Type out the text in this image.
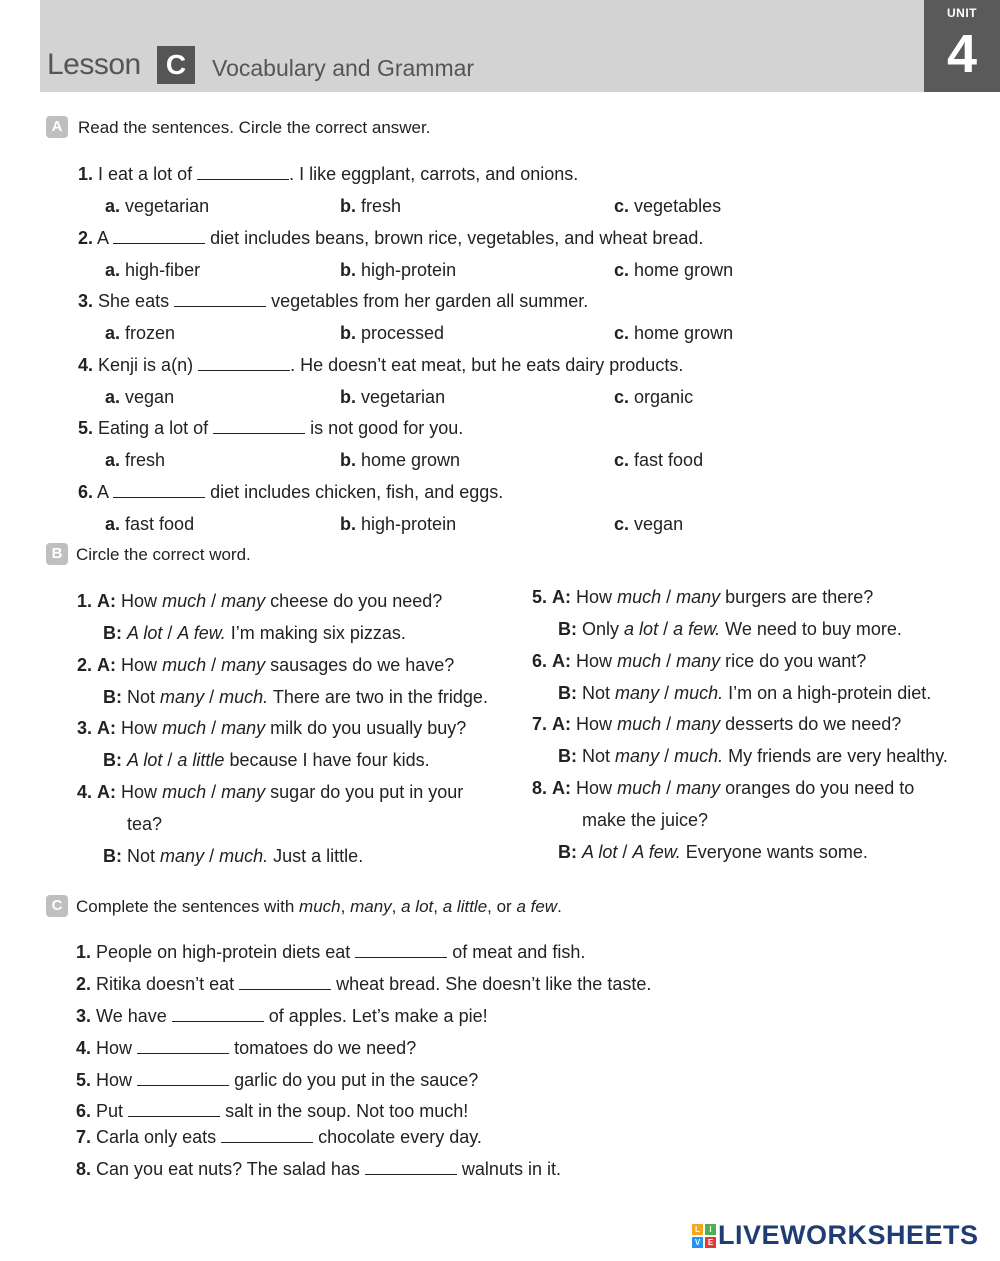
Lesson C	Vocabulary and Grammar
UNIT
4
A Read the sentences. Circle the correct answer.
1. I eat a lot of	. I like eggplant, carrots, and onions.
a. vegetarian	b. fresh	c. vegetables
2. A	diet includes beans, brown rice, vegetables, and wheat bread.
a. high-fiber	b. high-protein	c. home grown
3. She eats	vegetables from her garden all summer.
a. frozen	b. processed	c. home grown
4. Kenji is a(n)	. He doesn’t eat meat, but he eats dairy products.
a. vegan	b. vegetarian	c. organic
5. Eating a lot of	is not good for you.
a. fresh	b. home grown	c. fast food
6. A	diet includes chicken, fish, and eggs.
a. fast food	b. high-protein	c. vegan
B Circle the correct word.
1. A: How much / many cheese do you need?
B: A lot / A few. I’m making six pizzas.
2. A: How much / many sausages do we have?
B: Not many / much. There are two in the fridge.
3. A: How much / many milk do you usually buy?
B: A lot / a little because I have four kids.
4. A: How much / many sugar do you put in your
tea?
B: Not many / much. Just a little.
5. A: How much / many burgers are there?
B: Only a lot / a few. We need to buy more.
6. A: How much / many rice do you want?
B: Not many / much. I’m on a high-protein diet.
7. A: How much / many desserts do we need?
B: Not many / much. My friends are very healthy.
8. A: How much / many oranges do you need to
make the juice?
B: A lot / A few. Everyone wants some.
C Complete the sentences with much, many, a lot, a little, or a few.
1. People on high-protein diets eat	of meat and fish.
2. Ritika doesn’t eat	wheat bread. She doesn’t like the taste.
3. We have	of apples. Let’s make a pie!
4. How	tomatoes do we need?
5. How	garlic do you put in the sauce?
6. Put	salt in the soup. Not too much!
7. Carla only eats	chocolate every day.
8. Can you eat nuts? The salad has	walnuts in it.
L	I
V E LIVEWORKSHEETS
